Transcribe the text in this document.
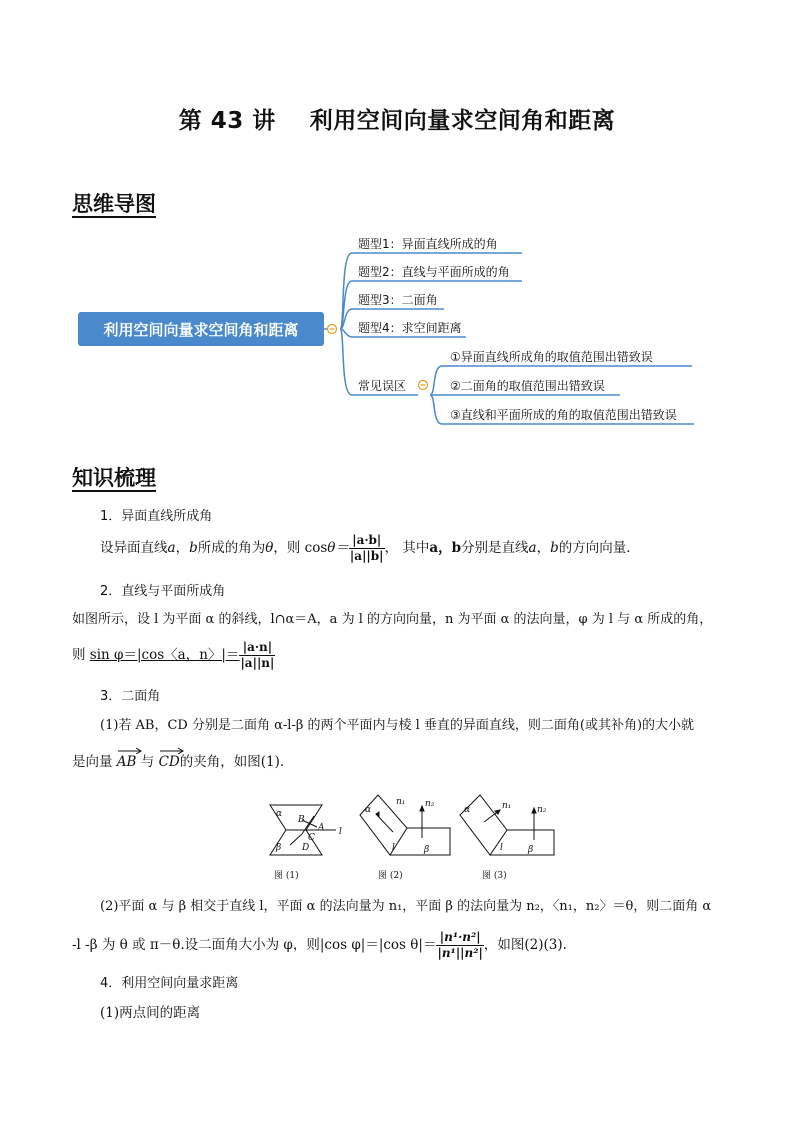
第 43 讲 利用空间向量求空间角和距离
思维导图
利用空间向量求空间角和距离
题型1：异面直线所成的角
题型2：直线与平面所成的角
题型3：二面角
题型4：求空间距离
常见误区
①异面直线所成角的取值范围出错致误
②二面角的取值范围出错致误
③直线和平面所成的角的取值范围出错致误
知识梳理
1．异面直线所成角
设异面直线a，b所成的角为θ，则 $\cos\theta= \frac{|a\cdot b|}{|a||b|}$ ， 其中a，b分别是直线a，b的方向向量．
2．直线与平面所成角
如图所示，设 l 为平面 α 的斜线，l∩α＝A，a 为 l 的方向向量，n 为平面 α 的法向量，φ 为 l 与 α 所成的角，
则 sin φ＝|cos〈a，n〉|＝ $\frac{|a\cdot n|}{|a||n|}$
3．二面角
(1)若 AB，CD 分别是二面角 α-l-β 的两个平面内与棱 l 垂直的异面直线，则二面角(或其补角)的大小就
是向量 AB 与 CD的夹角，如图(1)．
α
β
B
A
C
D
l
α
n₁ n₂
l	β
α	n₁	n₂
l	β
图 (1)	图 (2)	图 (3)
(2)平面 α 与 β 相交于直线 l，平面 α 的法向量为 n₁，平面 β 的法向量为 n₂，〈n₁，n₂〉＝θ，则二面角 α
-l -β 为 θ 或 π－θ.设二面角大小为 φ，则|cos φ|＝|cos $\theta|= \frac{\text{|n¹·n²|}}{\text{|n¹||n²|}}$ ，如图(2)(3).
4．利用空间向量求距离
(1)两点间的距离
